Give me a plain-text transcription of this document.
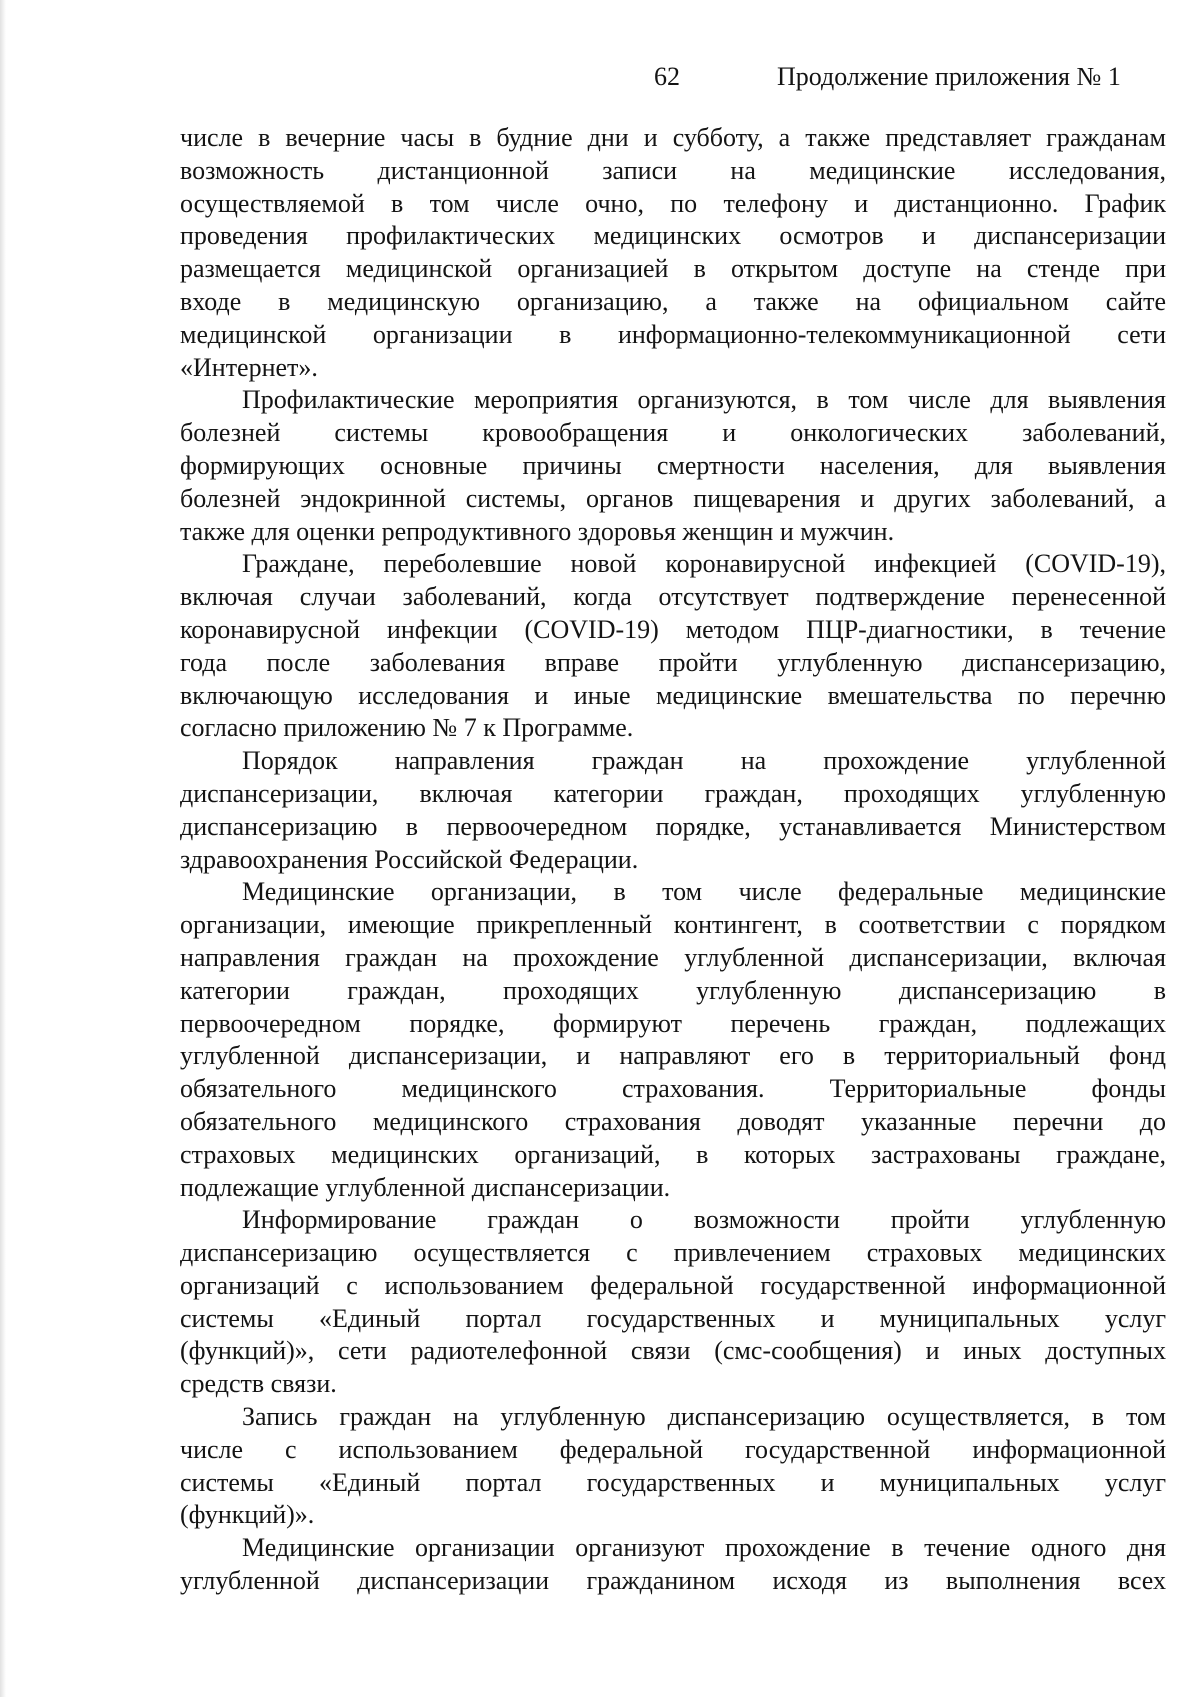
62	Продолжение приложения № 1
числе в вечерние часы в будние дни и субботу, а также представляет гражданам
возможность дистанционной записи на медицинские исследования,
осуществляемой в том числе очно, по телефону и дистанционно. График
проведения профилактических медицинских осмотров и диспансеризации
размещается медицинской организацией в открытом доступе на стенде при
входе в медицинскую организацию, а также на официальном сайте
медицинской организации в информационно-телекоммуникационной сети
«Интернет».
Профилактические мероприятия организуются, в том числе для выявления
болезней системы кровообращения и онкологических заболеваний,
формирующих основные причины смертности населения, для выявления
болезней эндокринной системы, органов пищеварения и других заболеваний, а
также для оценки репродуктивного здоровья женщин и мужчин.
Граждане, переболевшие новой коронавирусной инфекцией (COVID-19),
включая случаи заболеваний, когда отсутствует подтверждение перенесенной
коронавирусной инфекции (COVID-19) методом ПЦР-диагностики, в течение
года после заболевания вправе пройти углубленную диспансеризацию,
включающую исследования и иные медицинские вмешательства по перечню
согласно приложению № 7 к Программе.
Порядок направления граждан на прохождение углубленной
диспансеризации, включая категории граждан, проходящих углубленную
диспансеризацию в первоочередном порядке, устанавливается Министерством
здравоохранения Российской Федерации.
Медицинские организации, в том числе федеральные медицинские
организации, имеющие прикрепленный контингент, в соответствии с порядком
направления граждан на прохождение углубленной диспансеризации, включая
категории граждан, проходящих углубленную диспансеризацию в
первоочередном порядке, формируют перечень граждан, подлежащих
углубленной диспансеризации, и направляют его в территориальный фонд
обязательного медицинского страхования. Территориальные фонды
обязательного медицинского страхования доводят указанные перечни до
страховых медицинских организаций, в которых застрахованы граждане,
подлежащие углубленной диспансеризации.
Информирование граждан о возможности пройти углубленную
диспансеризацию осуществляется с привлечением страховых медицинских
организаций с использованием федеральной государственной информационной
системы «Единый портал государственных и муниципальных услуг
(функций)», сети радиотелефонной связи (смс-сообщения) и иных доступных
средств связи.
Запись граждан на углубленную диспансеризацию осуществляется, в том
числе с использованием федеральной государственной информационной
системы «Единый портал государственных и муниципальных услуг
(функций)».
Медицинские организации организуют прохождение в течение одного дня
углубленной диспансеризации гражданином исходя из выполнения всех
